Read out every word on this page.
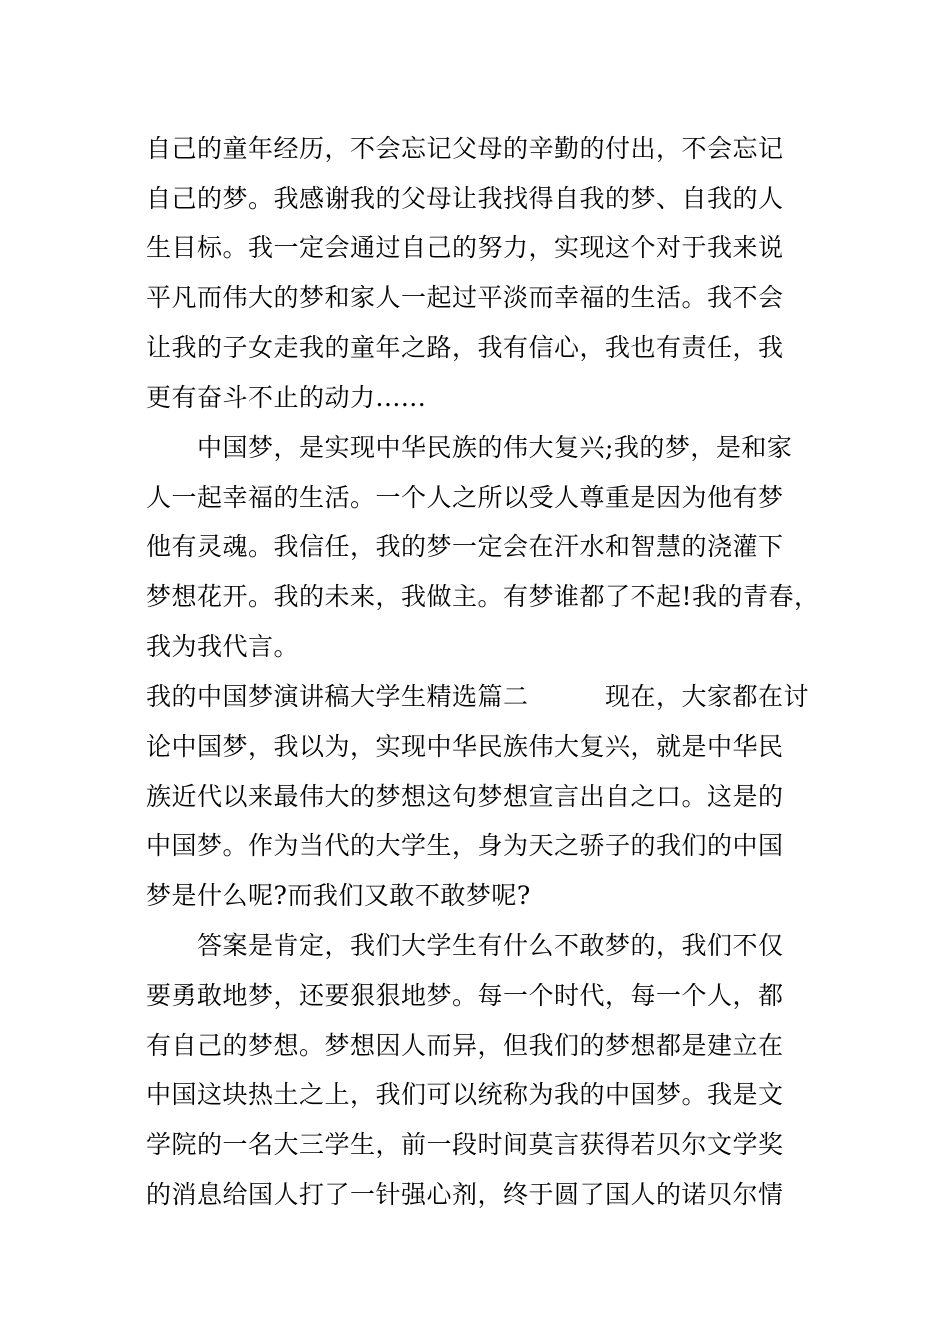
自己的童年经历，不会忘记父母的辛勤的付出，不会忘记
自己的梦。我感谢我的父母让我找得自我的梦、自我的人
生目标。我一定会通过自己的努力，实现这个对于我来说
平凡而伟大的梦和家人一起过平淡而幸福的生活。我不会
让我的子女走我的童年之路，我有信心，我也有责任，我
更有奋斗不止的动力......
　　中国梦，是实现中华民族的伟大复兴;我的梦，是和家
人一起幸福的生活。一个人之所以受人尊重是因为他有梦
他有灵魂。我信任，我的梦一定会在汗水和智慧的浇灌下
梦想花开。我的未来，我做主。有梦谁都了不起!我的青春，
我为我代言。
我的中国梦演讲稿大学生精选篇二　　　现在，大家都在讨
论中国梦，我以为，实现中华民族伟大复兴，就是中华民
族近代以来最伟大的梦想这句梦想宣言出自之口。这是的
中国梦。作为当代的大学生，身为天之骄子的我们的中国
梦是什么呢?而我们又敢不敢梦呢?
　　答案是肯定，我们大学生有什么不敢梦的，我们不仅
要勇敢地梦，还要狠狠地梦。每一个时代，每一个人，都
有自己的梦想。梦想因人而异，但我们的梦想都是建立在
中国这块热土之上，我们可以统称为我的中国梦。我是文
学院的一名大三学生，前一段时间莫言获得若贝尔文学奖
的消息给国人打了一针强心剂，终于圆了国人的诺贝尔情
